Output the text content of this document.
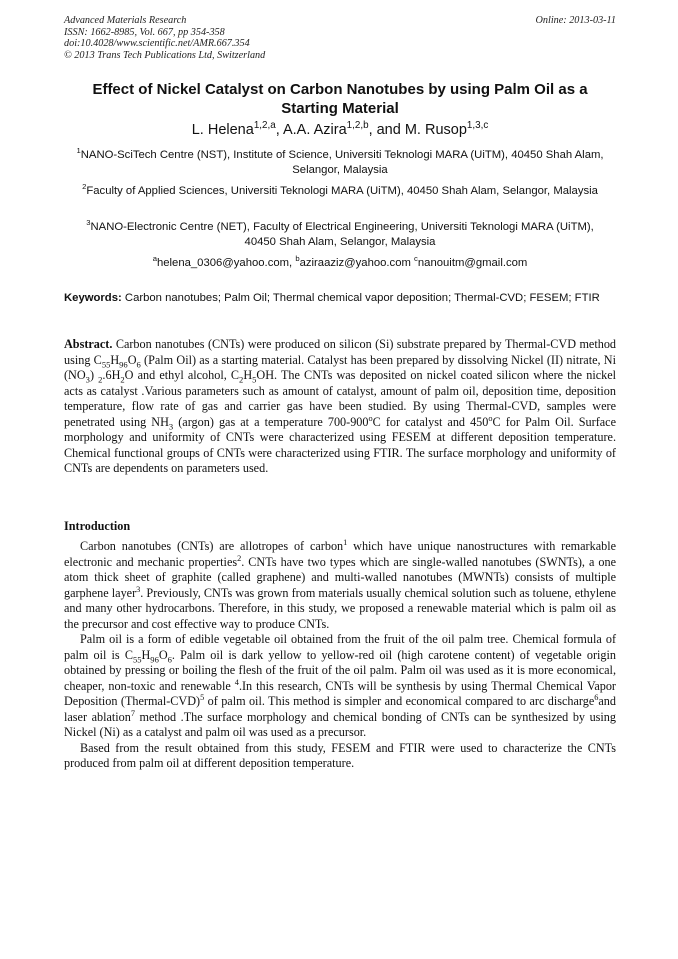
Advanced Materials Research
ISSN: 1662-8985, Vol. 667, pp 354-358
doi:10.4028/www.scientific.net/AMR.667.354
© 2013 Trans Tech Publications Ltd, Switzerland
Online: 2013-03-11
Effect of Nickel Catalyst on Carbon Nanotubes by using Palm Oil as a Starting Material
L. Helena$^{1,2,a}$, A.A. Azira$^{1,2,b}$, and M. Rusop$^{1,3,c}$
$^1$NANO-SciTech Centre (NST), Institute of Science, Universiti Teknologi MARA (UiTM), 40450 Shah Alam, Selangor, Malaysia
$^2$Faculty of Applied Sciences, Universiti Teknologi MARA (UiTM), 40450 Shah Alam, Selangor, Malaysia
$^3$NANO-Electronic Centre (NET), Faculty of Electrical Engineering, Universiti Teknologi MARA (UiTM), 40450 Shah Alam, Selangor, Malaysia
$^a$helena_0306@yahoo.com, $^b$aziraaziz@yahoo.com $^c$nanouitm@gmail.com
Keywords: Carbon nanotubes; Palm Oil; Thermal chemical vapor deposition; Thermal-CVD; FESEM; FTIR
Abstract. Carbon nanotubes (CNTs) were produced on silicon (Si) substrate prepared by Thermal-CVD method using $C_{55}H_{96}O_6$ (Palm Oil) as a starting material. Catalyst has been prepared by dissolving Nickel (II) nitrate, Ni $(NO_3)$ $_2.6H_2O$ and ethyl alcohol, $C_2H_5OH$. The CNTs was deposited on nickel coated silicon where the nickel acts as catalyst .Various parameters such as amount of catalyst, amount of palm oil, deposition time, deposition temperature, flow rate of gas and carrier gas have been studied. By using Thermal-CVD, samples were penetrated using $NH_3$ (argon) gas at a temperature 700-900$^o$C for catalyst and 450$^o$C for Palm Oil. Surface morphology and uniformity of CNTs were characterized using FESEM at different deposition temperature. Chemical functional groups of CNTs were characterized using FTIR. The surface morphology and uniformity of CNTs are dependents on parameters used.
Introduction

Carbon nanotubes (CNTs) are allotropes of carbon$^1$ which have unique nanostructures with remarkable electronic and mechanic properties$^2$. CNTs have two types which are single-walled nanotubes (SWNTs), a one atom thick sheet of graphite (called graphene) and multi-walled nanotubes (MWNTs) consists of multiple garphene layer$^3$. Previously, CNTs was grown from materials usually chemical solution such as toluene, ethylene and many other hydrocarbons. Therefore, in this study, we proposed a renewable material which is palm oil as the precursor and cost effective way to produce CNTs.

Palm oil is a form of edible vegetable oil obtained from the fruit of the oil palm tree. Chemical formula of palm oil is $C_{55}H_{96}O_6$. Palm oil is dark yellow to yellow-red oil (high carotene content) of vegetable origin obtained by pressing or boiling the flesh of the fruit of the oil palm. Palm oil was used as it is more economical, cheaper, non-toxic and renewable $^4$.In this research, CNTs will be synthesis by using Thermal Chemical Vapor Deposition (Thermal-CVD)$^5$ of palm oil. This method is simpler and economical compared to arc discharge$^6$and laser ablation$^7$ method .The surface morphology and chemical bonding of CNTs can be synthesized by using Nickel (Ni) as a catalyst and palm oil was used as a precursor.

Based from the result obtained from this study, FESEM and FTIR were used to characterize the CNTs produced from palm oil at different deposition temperature.
